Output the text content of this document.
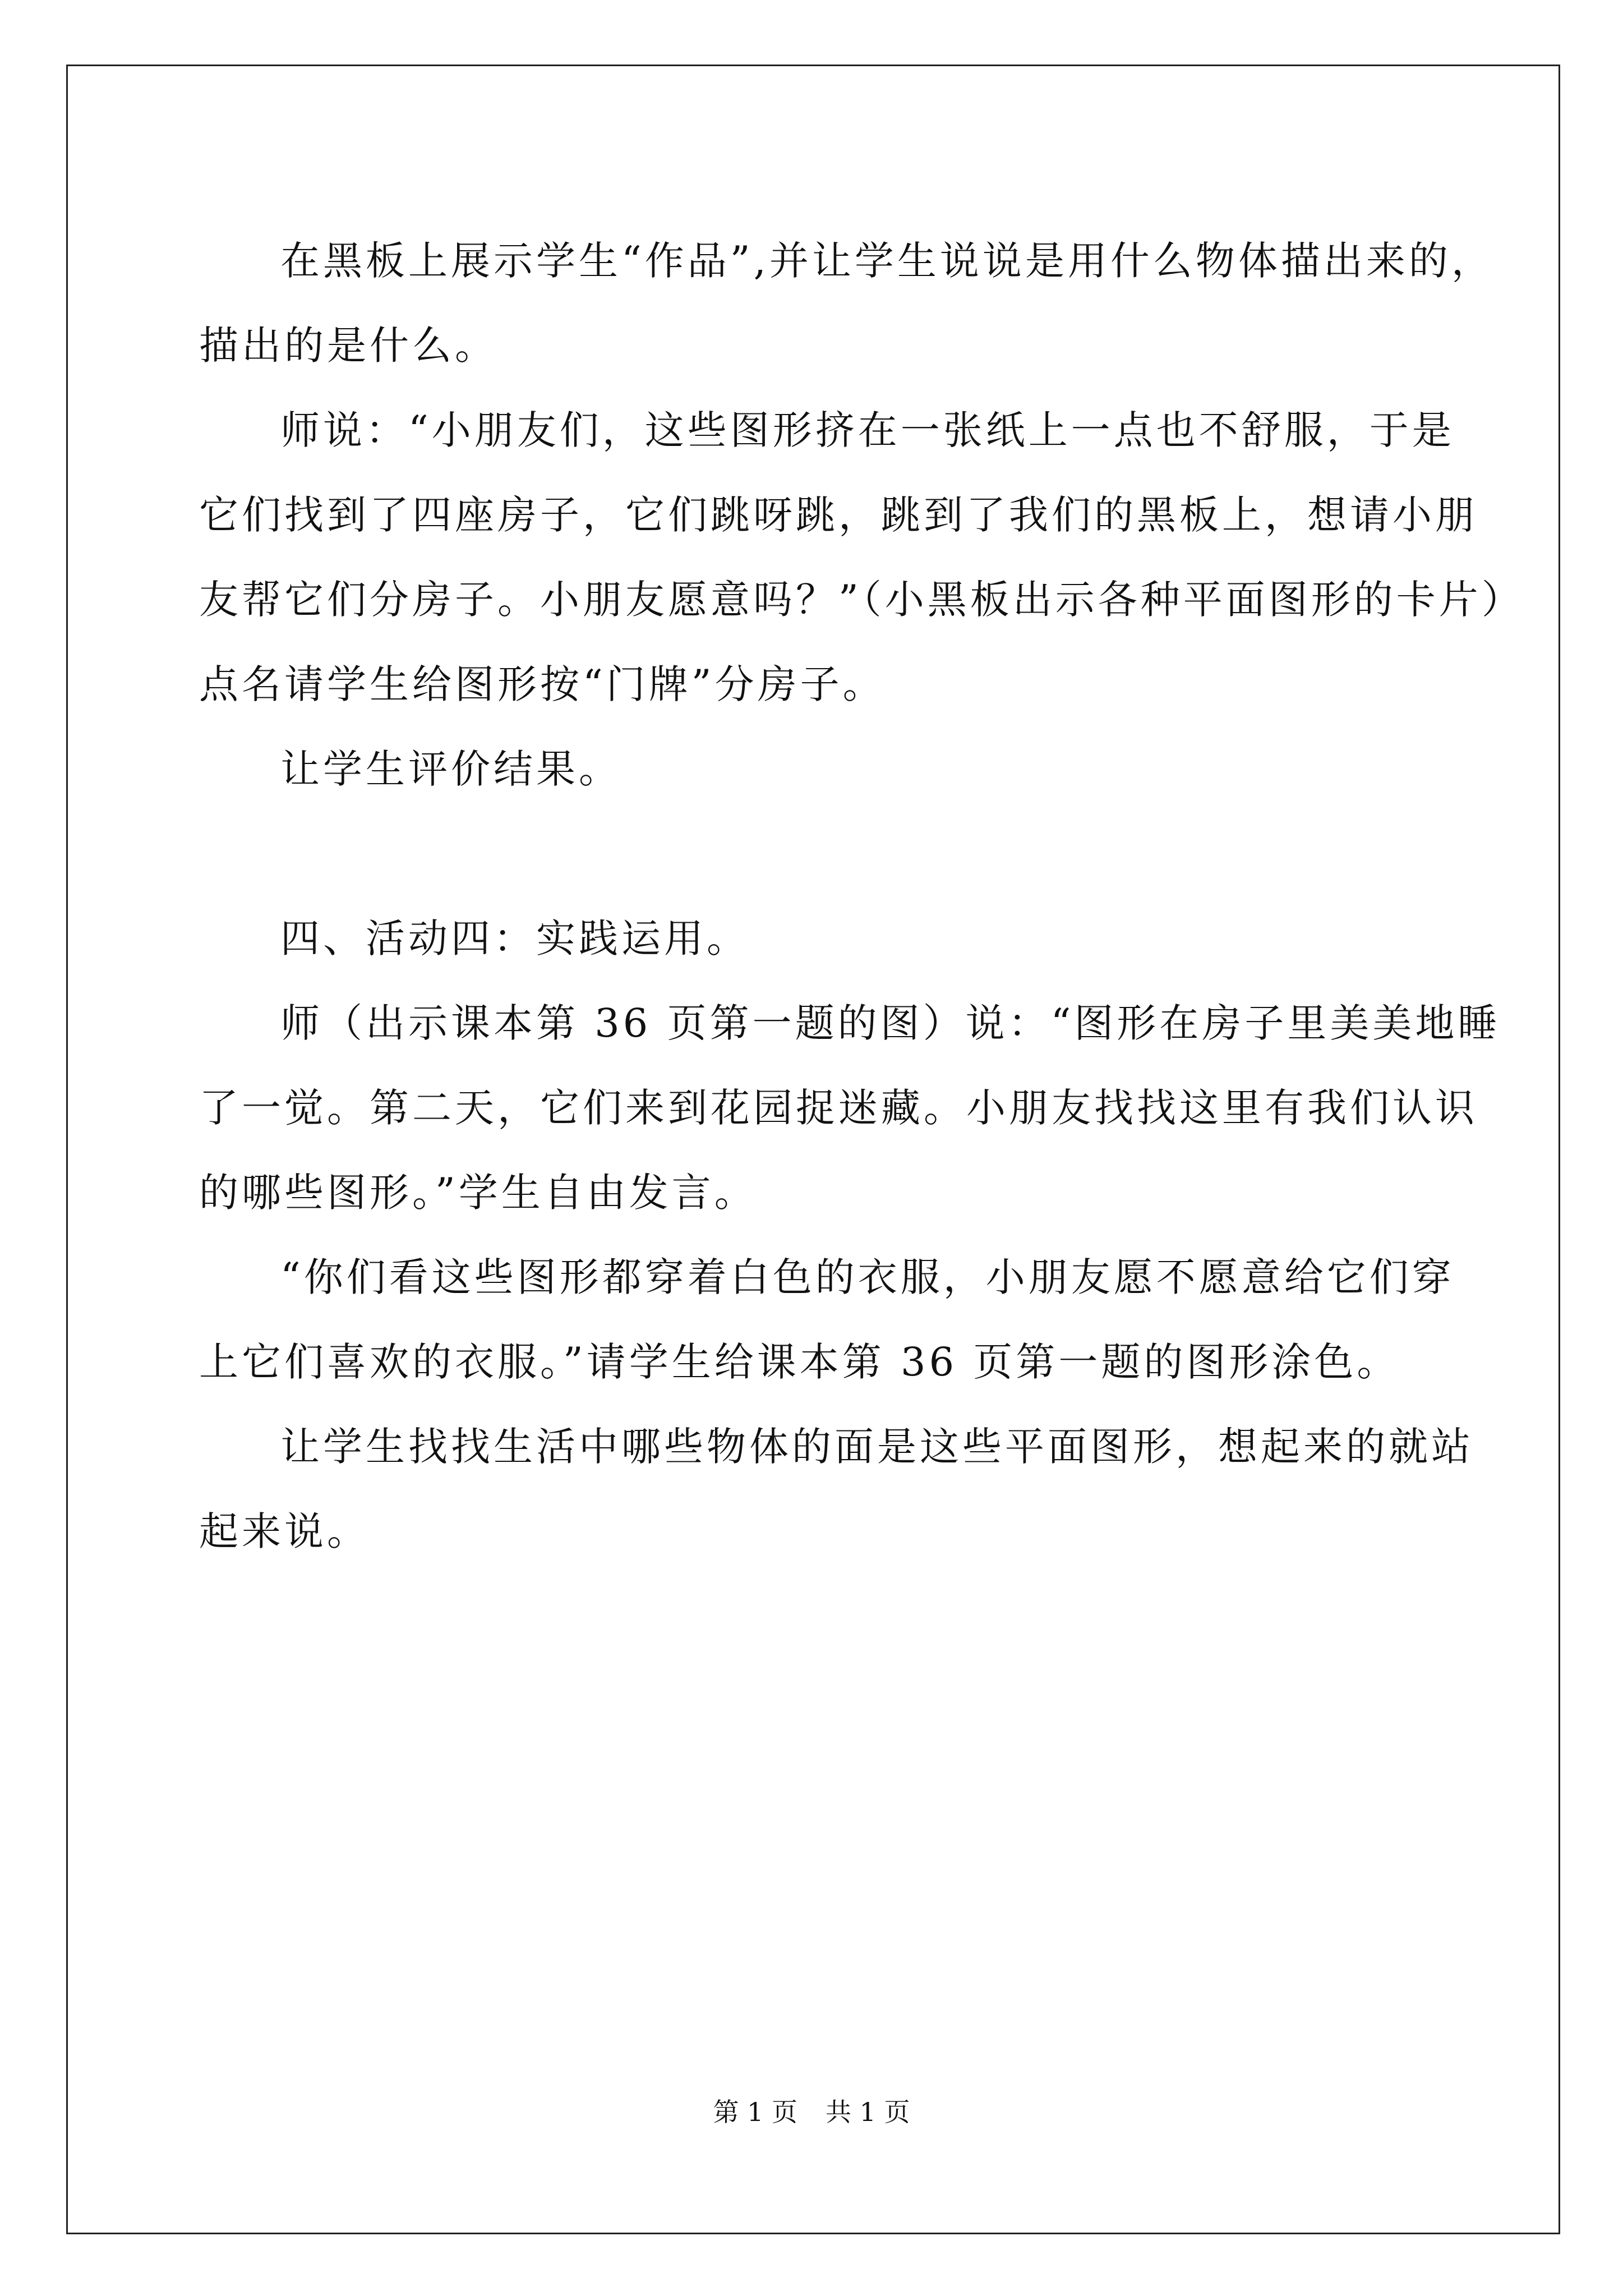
在黑板上展示学生“作品”,并让学生说说是用什么物体描出来的，
描出的是什么。
师说：“小朋友们，这些图形挤在一张纸上一点也不舒服，于是
它们找到了四座房子，它们跳呀跳，跳到了我们的黑板上，想请小朋
友帮它们分房子。小朋友愿意吗？”（小黑板出示各种平面图形的卡片）
点名请学生给图形按“门牌”分房子。
让学生评价结果。
四、活动四：实践运用。
师（出示课本第 36 页第一题的图）说：“图形在房子里美美地睡
了一觉。第二天，它们来到花园捉迷藏。小朋友找找这里有我们认识
的哪些图形。”学生自由发言。
“你们看这些图形都穿着白色的衣服，小朋友愿不愿意给它们穿
上它们喜欢的衣服。”请学生给课本第 36 页第一题的图形涂色。
让学生找找生活中哪些物体的面是这些平面图形，想起来的就站
起来说。
第 1 页 共 1 页
